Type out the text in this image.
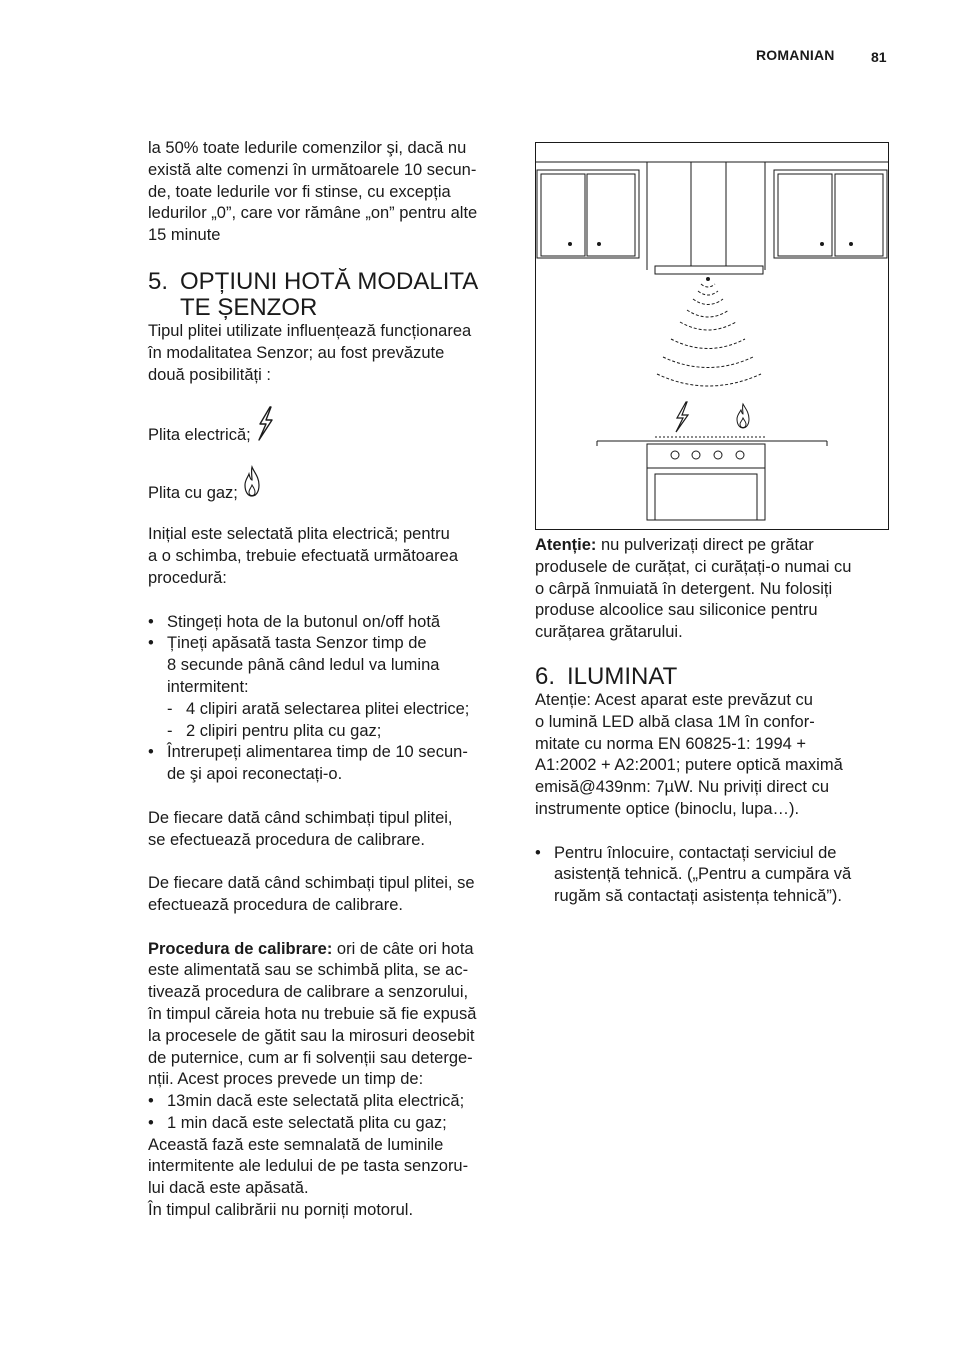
ROMANIAN	81

la 50% toate ledurile comenzilor şi, dacă nu

există alte comenzi în următoarele 10 secun-

de, toate ledurile vor fi stinse, cu excepția

ledurilor „0”, care vor rămâne „on” pentru alte

15 minute

5. OPȚIUNI HOTĂ MODALITA
TE ȘENZOR

Tipul plitei utilizate influențează funcționarea

în modalitatea Senzor; au fost prevăzute

două posibilități :

Plita electrică;

Plita cu gaz;

Inițial este selectată plita electrică; pentru

a o schimba, trebuie efectuată următoarea

procedură:

• Stingeți hota de la butonul on/off hotă
• Țineți apăsată tasta Senzor timp de
8 secunde până când ledul va lumina
intermitent:
- 4 clipiri arată selectarea plitei electrice;
- 2 clipiri pentru plita cu gaz;
• Întrerupeți alimentarea timp de 10 secun-
de şi apoi reconectați-o.

De fiecare dată când schimbați tipul plitei,

se efectuează procedura de calibrare.

De fiecare dată când schimbați tipul plitei, se

efectuează procedura de calibrare.

Procedura de calibrare: ori de câte ori hota

este alimentată sau se schimbă plita, se ac-

tivează procedura de calibrare a senzorului,

în timpul căreia hota nu trebuie să fie expusă

la procesele de gătit sau la mirosuri deosebit

de puternice, cum ar fi solvenții sau deterge-

nții. Acest proces prevede un timp de:

• 13min dacă este selectată plita electrică;
• 1 min dacă este selectată plita cu gaz;

Această fază este semnalată de luminile

intermitente ale ledului de pe tasta senzoru-

lui dacă este apăsată.

În timpul calibrării nu porniți motorul.

Atenție: nu pulverizați direct pe grătar

produsele de curățat, ci curățați-o numai cu

o cârpă înmuiată în detergent. Nu folosiți

produse alcoolice sau siliconice pentru

curățarea grătarului.

6. ILUMINAT

Atenție: Acest aparat este prevăzut cu

o lumină LED albă clasa 1M în confor-

mitate cu norma EN 60825-1: 1994 +

A1:2002 + A2:2001; putere optică maximă

emisă@439nm: 7µW. Nu priviți direct cu

instrumente optice (binoclu, lupa…).

• Pentru înlocuire, contactați serviciul de
asistență tehnică. („Pentru a cumpăra vă
rugăm să contactați asistența tehnică”).
